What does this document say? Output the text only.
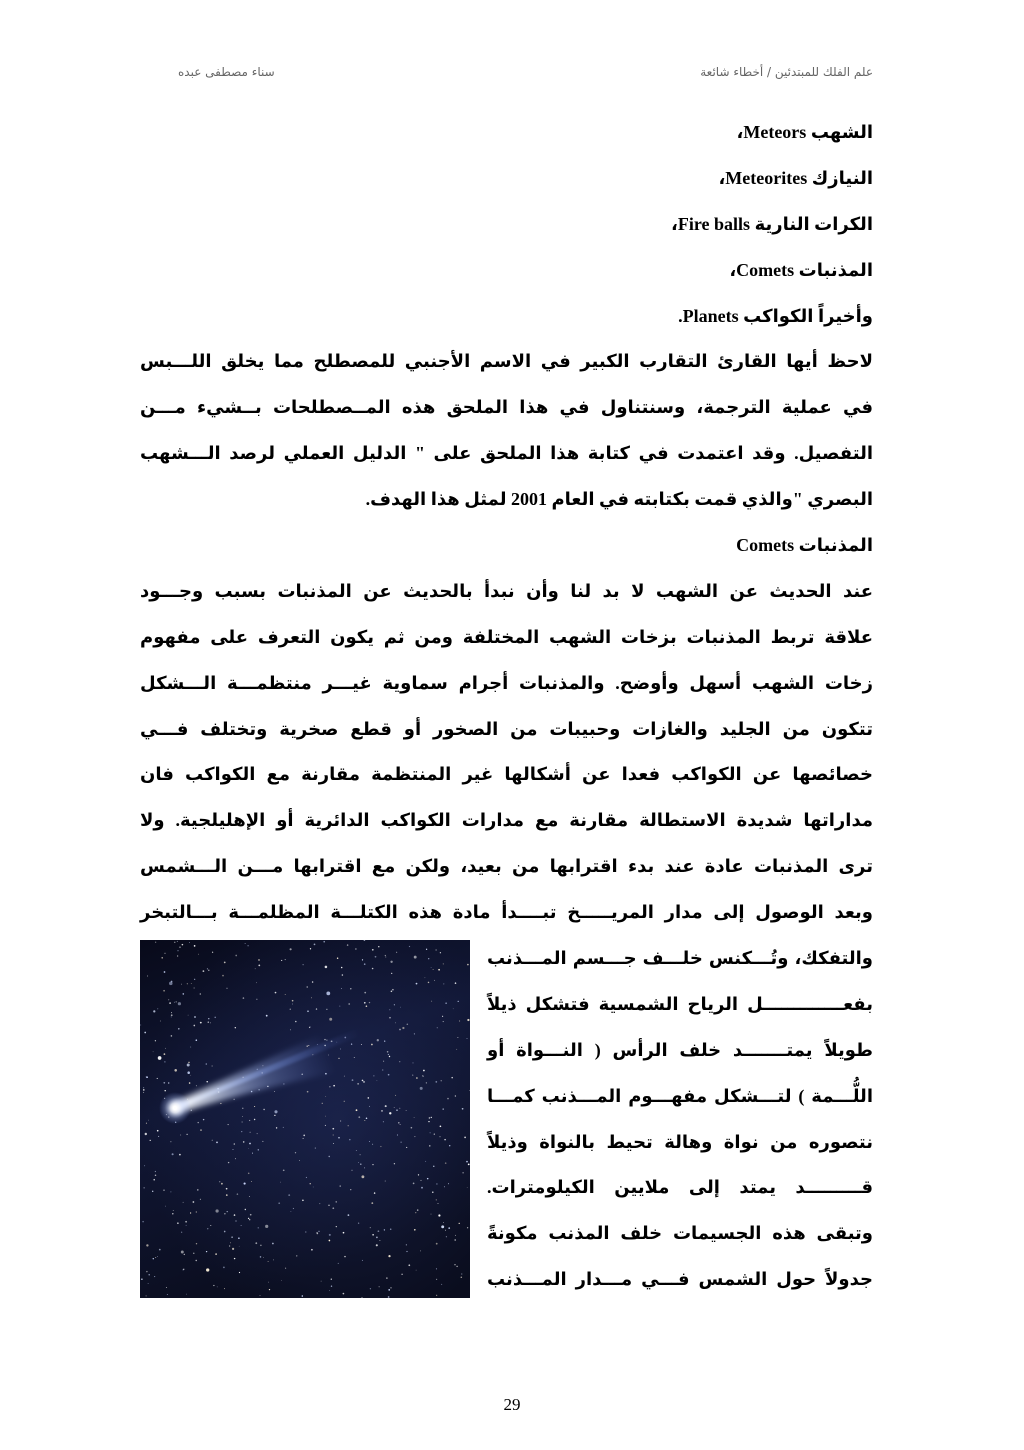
علم الفلك للمبتدئين / أخطاء شائعة
سناء مصطفى عبده
الشهب Meteors،
النيازك Meteorites،
الكرات النارية Fire balls،
المذنبات Comets،
وأخيراً الكواكب Planets.
لاحظ أيها القارئ التقارب الكبير في الاسم الأجنبي للمصطلح مما يخلق اللـــبس
في عملية الترجمة، وسنتناول في هذا الملحق هذه المــصطلحات بــشيء مـــن
التفصيل. وقد اعتمدت في كتابة هذا الملحق على " الدليل العملي لرصد الـــشهب
البصري "والذي قمت بكتابته في العام 2001 لمثل هذا الهدف.
المذنبات Comets
عند الحديث عن الشهب لا بد لنا وأن نبدأ بالحديث عن المذنبات بسبب وجـــود
علاقة تربط المذنبات بزخات الشهب المختلفة ومن ثم يكون التعرف على مفهوم
زخات الشهب أسهل وأوضح. والمذنبات أجرام سماوية غيـــر منتظمـــة الـــشكل
تتكون من الجليد والغازات وحبيبات من الصخور أو قطع صخرية وتختلف فـــي
خصائصها عن الكواكب فعدا عن أشكالها غير المنتظمة مقارنة مع الكواكب فان
مداراتها شديدة الاستطالة مقارنة مع مدارات الكواكب الدائرية أو الإهليلجية. ولا
ترى المذنبات عادة عند بدء اقترابها من بعيد، ولكن مع اقترابها مـــن الـــشمس
وبعد الوصول إلى مدار المريـــــخ تبــــدأ مادة هذه الكتلـــة المظلمـــة بـــالتبخر
والتفكك، وتُـــكنس خلـــف جـــسم المـــذنب
بفعـــــــــــــل الرياح الشمسية فتشكل ذيلاً
طويلاً يمتـــــــد خلف الرأس ( النـــواة أو
اللُّـــمة ) لتـــشكل مفهـــوم المـــذنب كمـــا
نتصوره من نواة وهالة تحيط بالنواة وذيلاً
قـــــــــد يمتد إلى ملايين الكيلومترات.
وتبقى هذه الجسيمات خلف المذنب مكونةً
جدولاً حول الشمس فـــي مـــدار المـــذنب
29
